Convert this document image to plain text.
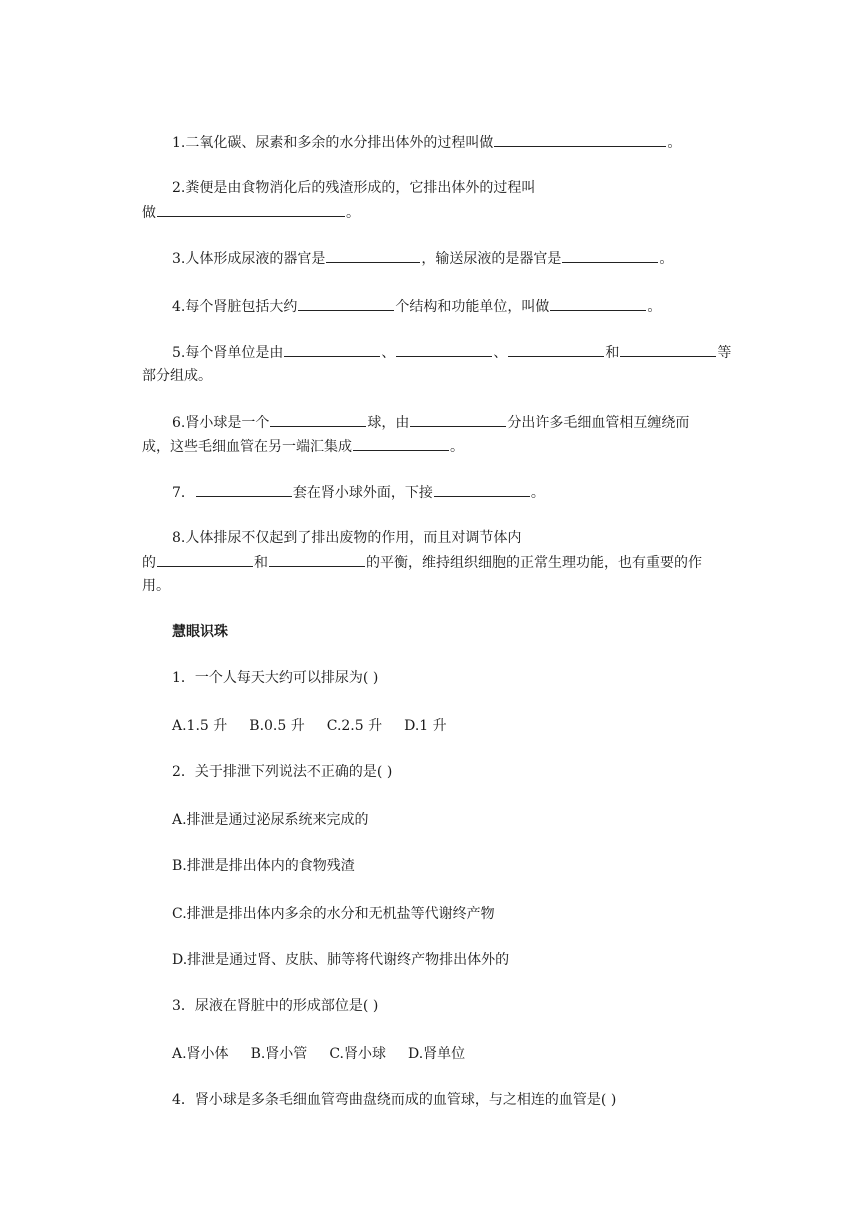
1.二氧化碳、尿素和多余的水分排出体外的过程叫做	。
2.粪便是由食物消化后的残渣形成的，它排出体外的过程叫
做	。
3.人体形成尿液的器官是	，输送尿液的是器官是	。
4.每个肾脏包括大约	个结构和功能单位，叫做	。
5.每个肾单位是由	、	、	和	等
部分组成。
6.肾小球是一个	球，由	分出许多毛细血管相互缠绕而
成，这些毛细血管在另一端汇集成	。
7．	套在肾小球外面，下接	。
8.人体排尿不仅起到了排出废物的作用，而且对调节体内
的	和	的平衡，维持组织细胞的正常生理功能，也有重要的作
用。
慧眼识珠
1．一个人每天大约可以排尿为( )
A.1.5 升 B.0.5 升 C.2.5 升 D.1 升
2．关于排泄下列说法不正确的是( )
A.排泄是通过泌尿系统来完成的
B.排泄是排出体内的食物残渣
C.排泄是排出体内多余的水分和无机盐等代谢终产物
D.排泄是通过肾、皮肤、肺等将代谢终产物排出体外的
3．尿液在肾脏中的形成部位是( )
A.肾小体 B.肾小管 C.肾小球 D.肾单位
4．肾小球是多条毛细血管弯曲盘绕而成的血管球，与之相连的血管是( )
